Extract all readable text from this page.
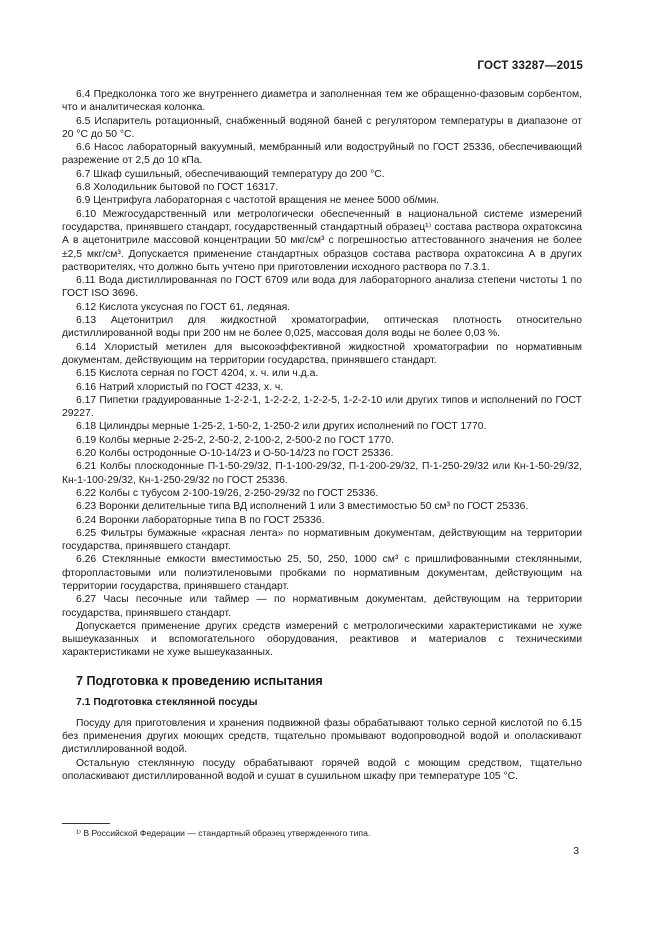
ГОСТ 33287—2015

6.4 Предколонка того же внутреннего диаметра и заполненная тем же обращенно-фазовым сорбентом, что и аналитическая колонка.

6.5 Испаритель ротационный, снабженный водяной баней с регулятором температуры в диапазоне от 20 °С до 50 °С.

6.6 Насос лабораторный вакуумный, мембранный или водоструйный по ГОСТ 25336, обеспечивающий разрежение от 2,5 до 10 кПа.

6.7 Шкаф сушильный, обеспечивающий температуру до 200 °С.

6.8 Холодильник бытовой по ГОСТ 16317.

6.9 Центрифуга лабораторная с частотой вращения не менее 5000 об/мин.

6.10 Межгосударственный или метрологически обеспеченный в национальной системе измерений государства, принявшего стандарт, государственный стандартный образец¹⁾ состава раствора охратоксина А в ацетонитриле массовой концентрации 50 мкг/см³ с погрешностью аттестованного значения не более ±2,5 мкг/см³. Допускается применение стандартных образцов состава раствора охратоксина А в других растворителях, что должно быть учтено при приготовлении исходного раствора по 7.3.1.

6.11 Вода дистиллированная по ГОСТ 6709 или вода для лабораторного анализа степени чистоты 1 по ГОСТ ISO 3696.

6.12 Кислота уксусная по ГОСТ 61, ледяная.

6.13 Ацетонитрил для жидкостной хроматографии, оптическая плотность относительно дистиллированной воды при 200 нм не более 0,025, массовая доля воды не более 0,03 %.

6.14 Хлористый метилен для высокоэффективной жидкостной хроматографии по нормативным документам, действующим на территории государства, принявшего стандарт.

6.15 Кислота серная по ГОСТ 4204, х. ч. или ч.д.а.

6.16 Натрий хлористый по ГОСТ 4233, х. ч.

6.17 Пипетки градуированные 1-2-2-1, 1-2-2-2, 1-2-2-5, 1-2-2-10 или других типов и исполнений по ГОСТ 29227.

6.18 Цилиндры мерные 1-25-2, 1-50-2, 1-250-2 или других исполнений по ГОСТ 1770.

6.19 Колбы мерные 2-25-2, 2-50-2, 2-100-2, 2-500-2 по ГОСТ 1770.

6.20 Колбы остродонные О-10-14/23 и О-50-14/23 по ГОСТ 25336.

6.21 Колбы плоскодонные П-1-50-29/32, П-1-100-29/32, П-1-200-29/32, П-1-250-29/32 или Кн-1-50-29/32, Кн-1-100-29/32, Кн-1-250-29/32 по ГОСТ 25336.

6.22 Колбы с тубусом 2-100-19/26, 2-250-29/32 по ГОСТ 25336.

6.23 Воронки делительные типа ВД исполнений 1 или 3 вместимостью 50 см³ по ГОСТ 25336.

6.24 Воронки лабораторные типа В по ГОСТ 25336.

6.25 Фильтры бумажные «красная лента» по нормативным документам, действующим на территории государства, принявшего стандарт.

6.26 Стеклянные емкости вместимостью 25, 50, 250, 1000 см³ с пришлифованными стеклянными, фторопластовыми или полиэтиленовыми пробками по нормативным документам, действующим на территории государства, принявшего стандарт.

6.27 Часы песочные или таймер — по нормативным документам, действующим на территории государства, принявшего стандарт.

Допускается применение других средств измерений с метрологическими характеристиками не хуже вышеуказанных и вспомогательного оборудования, реактивов и материалов с техническими характеристиками не хуже вышеуказанных.

7 Подготовка к проведению испытания
7.1 Подготовка стеклянной посуды

Посуду для приготовления и хранения подвижной фазы обрабатывают только серной кислотой по 6.15 без применения других моющих средств, тщательно промывают водопроводной водой и ополаскивают дистиллированной водой.

Остальную стеклянную посуду обрабатывают горячей водой с моющим средством, тщательно ополаскивают дистиллированной водой и сушат в сушильном шкафу при температуре 105 °С.

¹⁾ В Российской Федерации — стандартный образец утвержденного типа.
3
